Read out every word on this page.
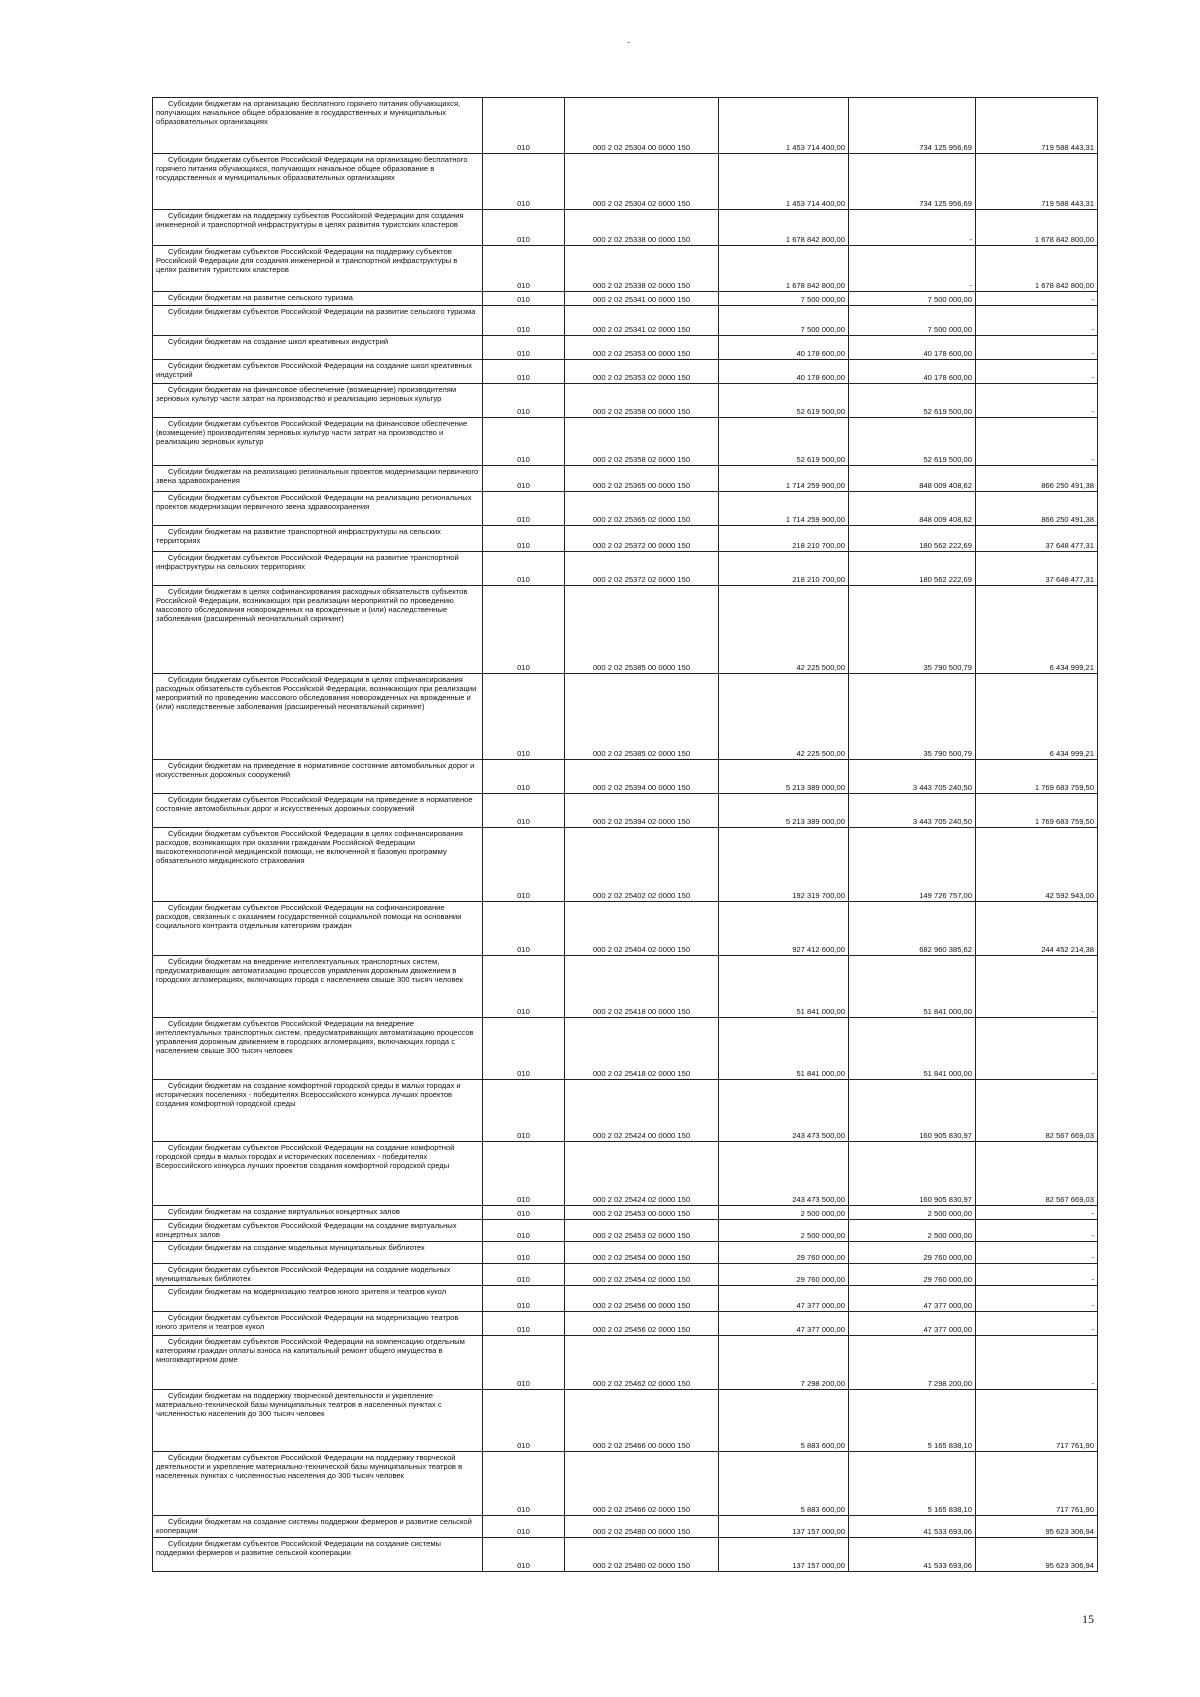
Субсидии бюджетам на организацию бесплатного горячего питания обучающихся, получающих начальное общее образование в государственных и муниципальных образовательных организациях	010	000 2 02 25304 00 0000 150	1 453 714 400,00	734 125 956,69	719 588 443,31
Субсидии бюджетам субъектов Российской Федерации на организацию бесплатного горячего питания обучающихся, получающих начальное общее образование в государственных и муниципальных образовательных организациях	010	000 2 02 25304 02 0000 150	1 453 714 400,00	734 125 956,69	719 588 443,31
Субсидии бюджетам на поддержку субъектов Российской Федерации для создания инженерной и транспортной инфраструктуры в целях развития туристских кластеров	010	000 2 02 25338 00 0000 150	1 678 842 800,00	-	1 678 842 800,00
Субсидии бюджетам субъектов Российской Федерации на поддержку субъектов Российской Федерации для создания инженерной и транспортной инфраструктуры в целях развития туристских кластеров	010	000 2 02 25338 02 0000 150	1 678 842 800,00	-	1 678 842 800,00
Субсидии бюджетам на развитие сельского туризма	010	000 2 02 25341 00 0000 150	7 500 000,00	7 500 000,00	-
Субсидии бюджетам субъектов Российской Федерации на развитие сельского туризма	010	000 2 02 25341 02 0000 150	7 500 000,00	7 500 000,00	-
Субсидии бюджетам на создание школ креативных индустрий	010	000 2 02 25353 00 0000 150	40 178 600,00	40 178 600,00	-
Субсидии бюджетам субъектов Российской Федерации на создание школ креативных индустрий	010	000 2 02 25353 02 0000 150	40 178 600,00	40 178 600,00	-
Субсидии бюджетам на финансовое обеспечение (возмещение) производителям зерновых культур части затрат на производство и реализацию зерновых культур	010	000 2 02 25358 00 0000 150	52 619 500,00	52 619 500,00	-
Субсидии бюджетам субъектов Российской Федерации на финансовое обеспечение (возмещение) производителям зерновых культур части затрат на производство и реализацию зерновых культур	010	000 2 02 25358 02 0000 150	52 619 500,00	52 619 500,00	-
Субсидии бюджетам на реализацию региональных проектов модернизации первичного звена здравоохранения	010	000 2 02 25365 00 0000 150	1 714 259 900,00	848 009 408,62	866 250 491,38
Субсидии бюджетам субъектов Российской Федерации на реализацию региональных проектов модернизации первичного звена здравоохранения	010	000 2 02 25365 02 0000 150	1 714 259 900,00	848 009 408,62	866 250 491,38
Субсидии бюджетам на развитие транспортной инфраструктуры на сельских территориях	010	000 2 02 25372 00 0000 150	218 210 700,00	180 562 222,69	37 648 477,31
Субсидии бюджетам субъектов Российской Федерации на развитие транспортной инфраструктуры на сельских территориях	010	000 2 02 25372 02 0000 150	218 210 700,00	180 562 222,69	37 648 477,31
Субсидии бюджетам в целях софинансирования расходных обязательств субъектов Российской Федерации, возникающих при реализации мероприятий по проведению массового обследования новорожденных на врожденные и (или) наследственные заболевания (расширенный неонатальный скрининг)	010	000 2 02 25385 00 0000 150	42 225 500,00	35 790 500,79	6 434 999,21
Субсидии бюджетам субъектов Российской Федерации в целях софинансирования расходных обязательств субъектов Российской Федерации, возникающих при реализации мероприятий по проведению массового обследования новорожденных на врожденные и (или) наследственные заболевания (расширенный неонатальный скрининг)	010	000 2 02 25385 02 0000 150	42 225 500,00	35 790 500,79	6 434 999,21
Субсидии бюджетам на приведение в нормативное состояние автомобильных дорог и искусственных дорожных сооружений	010	000 2 02 25394 00 0000 150	5 213 389 000,00	3 443 705 240,50	1 769 683 759,50
Субсидии бюджетам субъектов Российской Федерации на приведение в нормативное состояние автомобильных дорог и искусственных дорожных сооружений	010	000 2 02 25394 02 0000 150	5 213 389 000,00	3 443 705 240,50	1 769 683 759,50
Субсидии бюджетам субъектов Российской Федерации в целях софинансирования расходов, возникающих при оказании гражданам Российской Федерации высокотехнологичной медицинской помощи, не включенной в базовую программу обязательного медицинского страхования	010	000 2 02 25402 02 0000 150	192 319 700,00	149 726 757,00	42 592 943,00
Субсидии бюджетам субъектов Российской Федерации на софинансирование расходов, связанных с оказанием государственной социальной помощи на основании социального контракта отдельным категориям граждан	010	000 2 02 25404 02 0000 150	927 412 600,00	682 960 385,62	244 452 214,38
Субсидии бюджетам на внедрение интеллектуальных транспортных систем, предусматривающих автоматизацию процессов управления дорожным движением в городских агломерациях, включающих города с населением свыше 300 тысяч человек	010	000 2 02 25418 00 0000 150	51 841 000,00	51 841 000,00	-
Субсидии бюджетам субъектов Российской Федерации на внедрение интеллектуальных транспортных систем, предусматривающих автоматизацию процессов управления дорожным движением в городских агломерациях, включающих города с населением свыше 300 тысяч человек	010	000 2 02 25418 02 0000 150	51 841 000,00	51 841 000,00	-
Субсидии бюджетам на создание комфортной городской среды в малых городах и исторических поселениях - победителях Всероссийского конкурса лучших проектов создания комфортной городской среды	010	000 2 02 25424 00 0000 150	243 473 500,00	160 905 830,97	82 567 669,03
Субсидии бюджетам субъектов Российской Федерации на создание комфортной городской среды в малых городах и исторических поселениях - победителях Всероссийского конкурса лучших проектов создания комфортной городской среды	010	000 2 02 25424 02 0000 150	243 473 500,00	160 905 830,97	82 567 669,03
Субсидии бюджетам на создание виртуальных концертных залов	010	000 2 02 25453 00 0000 150	2 500 000,00	2 500 000,00	-
Субсидии бюджетам субъектов Российской Федерации на создание виртуальных концертных залов	010	000 2 02 25453 02 0000 150	2 500 000,00	2 500 000,00	-
Субсидии бюджетам на создание модельных муниципальных библиотек	010	000 2 02 25454 00 0000 150	29 760 000,00	29 760 000,00	-
Субсидии бюджетам субъектов Российской Федерации на создание модельных муниципальных библиотек	010	000 2 02 25454 02 0000 150	29 760 000,00	29 760 000,00	-
Субсидии бюджетам на модернизацию театров юного зрителя и театров кукол	010	000 2 02 25456 00 0000 150	47 377 000,00	47 377 000,00	-
Субсидии бюджетам субъектов Российской Федерации на модернизацию театров юного зрителя и театров кукол	010	000 2 02 25456 02 0000 150	47 377 000,00	47 377 000,00	-
Субсидии бюджетам субъектов Российской Федерации на компенсацию отдельным категориям граждан оплаты взноса на капитальный ремонт общего имущества в многоквартирном доме	010	000 2 02 25462 02 0000 150	7 298 200,00	7 298 200,00	-
Субсидии бюджетам на поддержку творческой деятельности и укрепление материально-технической базы муниципальных театров в населенных пунктах с численностью населения до 300 тысяч человек	010	000 2 02 25466 00 0000 150	5 883 600,00	5 165 838,10	717 761,90
Субсидии бюджетам субъектов Российской Федерации на поддержку творческой деятельности и укрепление материально-технической базы муниципальных театров в населенных пунктах с численностью населения до 300 тысяч человек	010	000 2 02 25466 02 0000 150	5 883 600,00	5 165 838,10	717 761,90
Субсидии бюджетам на создание системы поддержки фермеров и развитие сельской кооперации	010	000 2 02 25480 00 0000 150	137 157 000,00	41 533 693,06	95 623 306,94
Субсидии бюджетам субъектов Российской Федерации на создание системы поддержки фермеров и развитие сельской кооперации	010	000 2 02 25480 02 0000 150	137 157 000,00	41 533 693,06	95 623 306,94
15
